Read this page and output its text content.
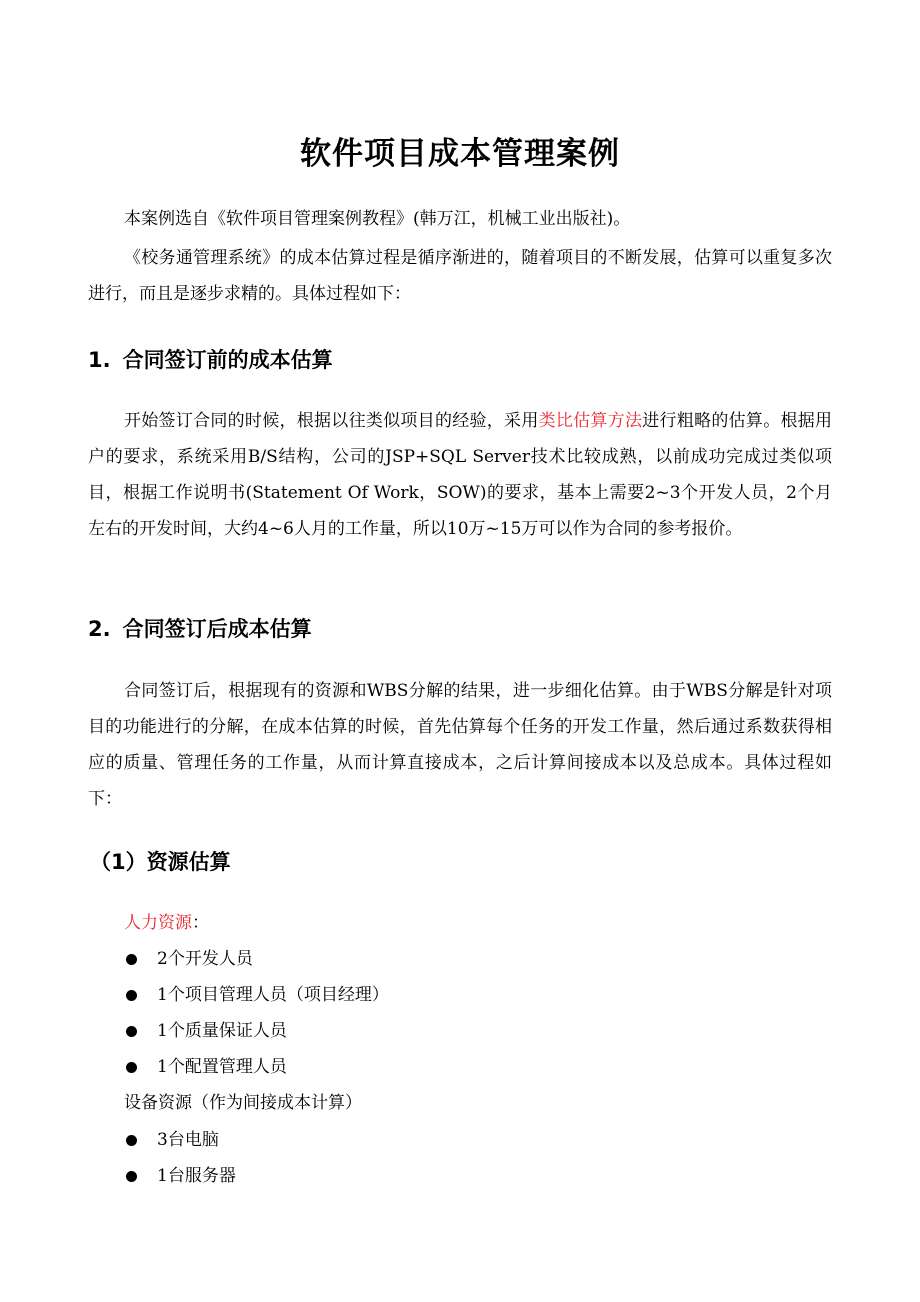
软件项目成本管理案例

本案例选自《软件项目管理案例教程》(韩万江，机械工业出版社)。

《校务通管理系统》的成本估算过程是循序渐进的，随着项目的不断发展，估算可以重复多次进行，而且是逐步求精的。具体过程如下：

1. 合同签订前的成本估算

开始签订合同的时候，根据以往类似项目的经验，采用类比估算方法进行粗略的估算。根据用户的要求，系统采用B/S结构，公司的JSP+SQL Server技术比较成熟，以前成功完成过类似项目，根据工作说明书(Statement Of Work，SOW)的要求，基本上需要2~3个开发人员，2个月左右的开发时间，大约4~6人月的工作量，所以10万~15万可以作为合同的参考报价。

2. 合同签订后成本估算

合同签订后，根据现有的资源和WBS分解的结果，进一步细化估算。由于WBS分解是针对项目的功能进行的分解，在成本估算的时候，首先估算每个任务的开发工作量，然后通过系数获得相应的质量、管理任务的工作量，从而计算直接成本，之后计算间接成本以及总成本。具体过程如下：

（1）资源估算
人力资源：
2个开发人员
1个项目管理人员（项目经理）
1个质量保证人员
1个配置管理人员
设备资源（作为间接成本计算）
3台电脑
1台服务器
